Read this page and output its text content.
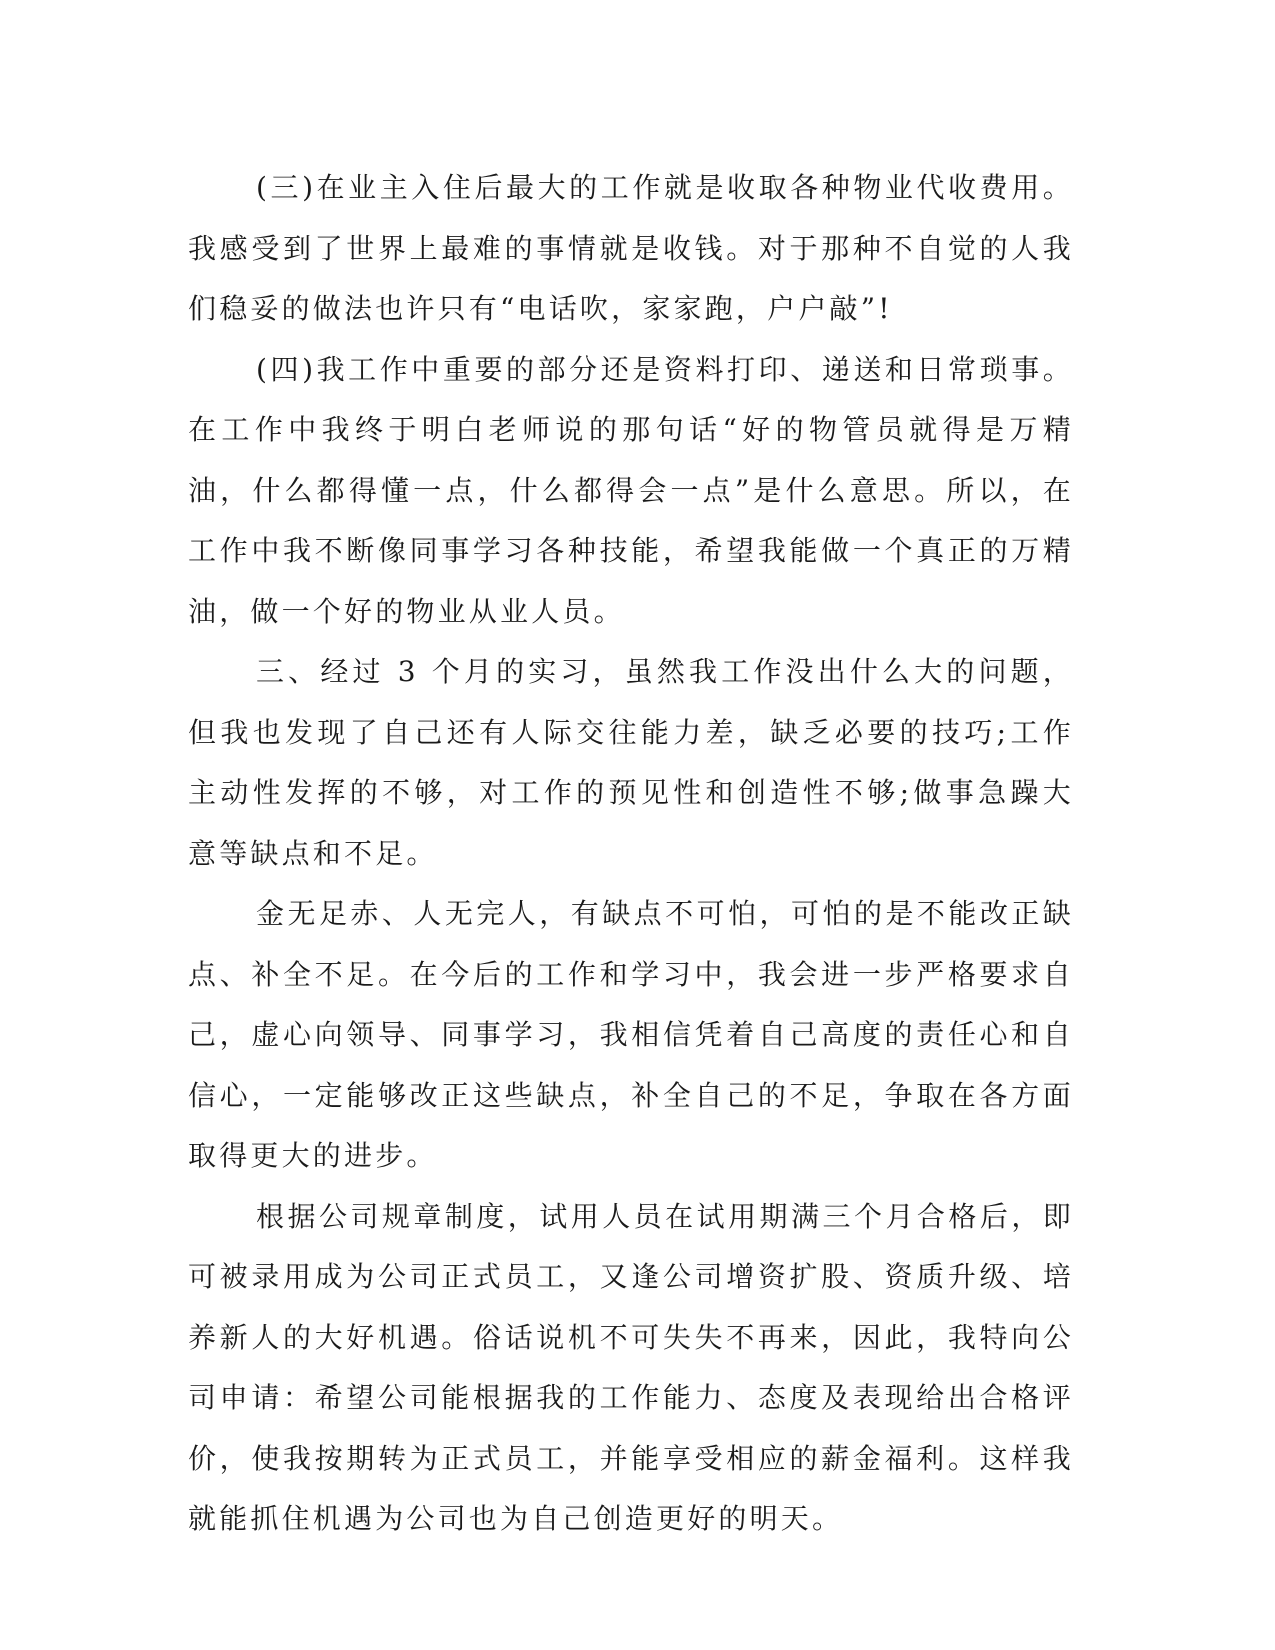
(三)在业主入住后最大的工作就是收取各种物业代收费用。我感受到了世界上最难的事情就是收钱。对于那种不自觉的人我们稳妥的做法也许只有“电话吹，家家跑，户户敲”!

(四)我工作中重要的部分还是资料打印、递送和日常琐事。在工作中我终于明白老师说的那句话“好的物管员就得是万精油，什么都得懂一点，什么都得会一点”是什么意思。所以，在工作中我不断像同事学习各种技能，希望我能做一个真正的万精油，做一个好的物业从业人员。

三、经过 3 个月的实习，虽然我工作没出什么大的问题，但我也发现了自己还有人际交往能力差，缺乏必要的技巧;工作主动性发挥的不够，对工作的预见性和创造性不够;做事急躁大意等缺点和不足。

金无足赤、人无完人，有缺点不可怕，可怕的是不能改正缺点、补全不足。在今后的工作和学习中，我会进一步严格要求自己，虚心向领导、同事学习，我相信凭着自己高度的责任心和自信心，一定能够改正这些缺点，补全自己的不足，争取在各方面取得更大的进步。

根据公司规章制度，试用人员在试用期满三个月合格后，即可被录用成为公司正式员工，又逢公司增资扩股、资质升级、培养新人的大好机遇。俗话说机不可失失不再来，因此，我特向公司申请：希望公司能根据我的工作能力、态度及表现给出合格评价，使我按期转为正式员工，并能享受相应的薪金福利。这样我就能抓住机遇为公司也为自己创造更好的明天。
